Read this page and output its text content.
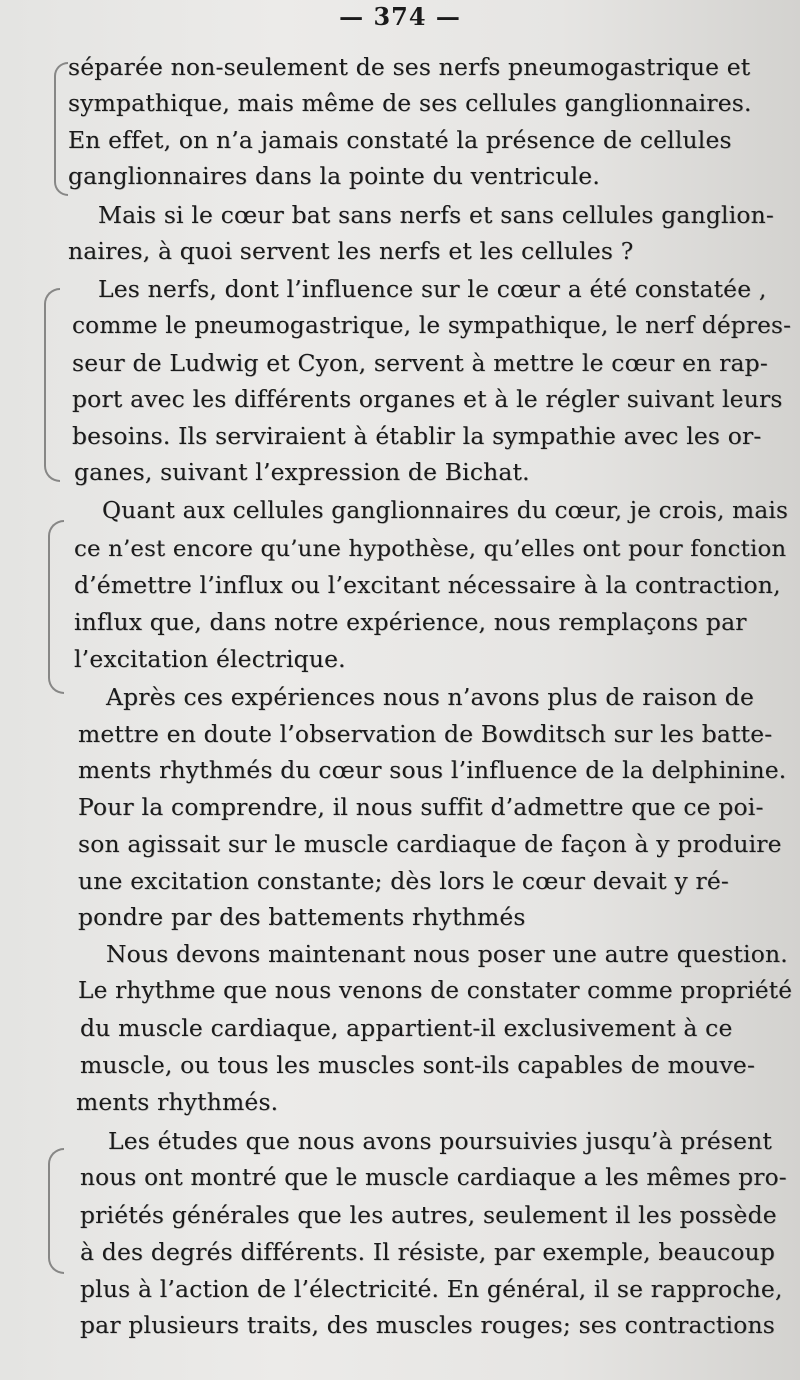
— 374 —
séparée non-seulement de ses nerfs pneumogastrique et
sympathique, mais même de ses cellules ganglionnaires.
En effet, on n’a jamais constaté la présence de cellules
ganglionnaires dans la pointe du ventricule.
Mais si le cœur bat sans nerfs et sans cellules ganglion-
naires, à quoi servent les nerfs et les cellules ?
Les nerfs, dont l’influence sur le cœur a été constatée ,
comme le pneumogastrique, le sympathique, le nerf dépres-
seur de Ludwig et Cyon, servent à mettre le cœur en rap-
port avec les différents organes et à le régler suivant leurs
besoins. Ils serviraient à établir la sympathie avec les or-
ganes, suivant l’expression de Bichat.
Quant aux cellules ganglionnaires du cœur, je crois, mais
ce n’est encore qu’une hypothèse, qu’elles ont pour fonction
d’émettre l’influx ou l’excitant nécessaire à la contraction,
influx que, dans notre expérience, nous remplaçons par
l’excitation électrique.
Après ces expériences nous n’avons plus de raison de
mettre en doute l’observation de Bowditsch sur les batte-
ments rhythmés du cœur sous l’influence de la delphinine.
Pour la comprendre, il nous suffit d’admettre que ce poi-
son agissait sur le muscle cardiaque de façon à y produire
une excitation constante; dès lors le cœur devait y ré-
pondre par des battements rhythmés
Nous devons maintenant nous poser une autre question.
Le rhythme que nous venons de constater comme propriété
du muscle cardiaque, appartient-il exclusivement à ce
muscle, ou tous les muscles sont-ils capables de mouve-
ments rhythmés.
Les études que nous avons poursuivies jusqu’à présent
nous ont montré que le muscle cardiaque a les mêmes pro-
priétés générales que les autres, seulement il les possède
à des degrés différents. Il résiste, par exemple, beaucoup
plus à l’action de l’électricité. En général, il se rapproche,
par plusieurs traits, des muscles rouges; ses contractions
